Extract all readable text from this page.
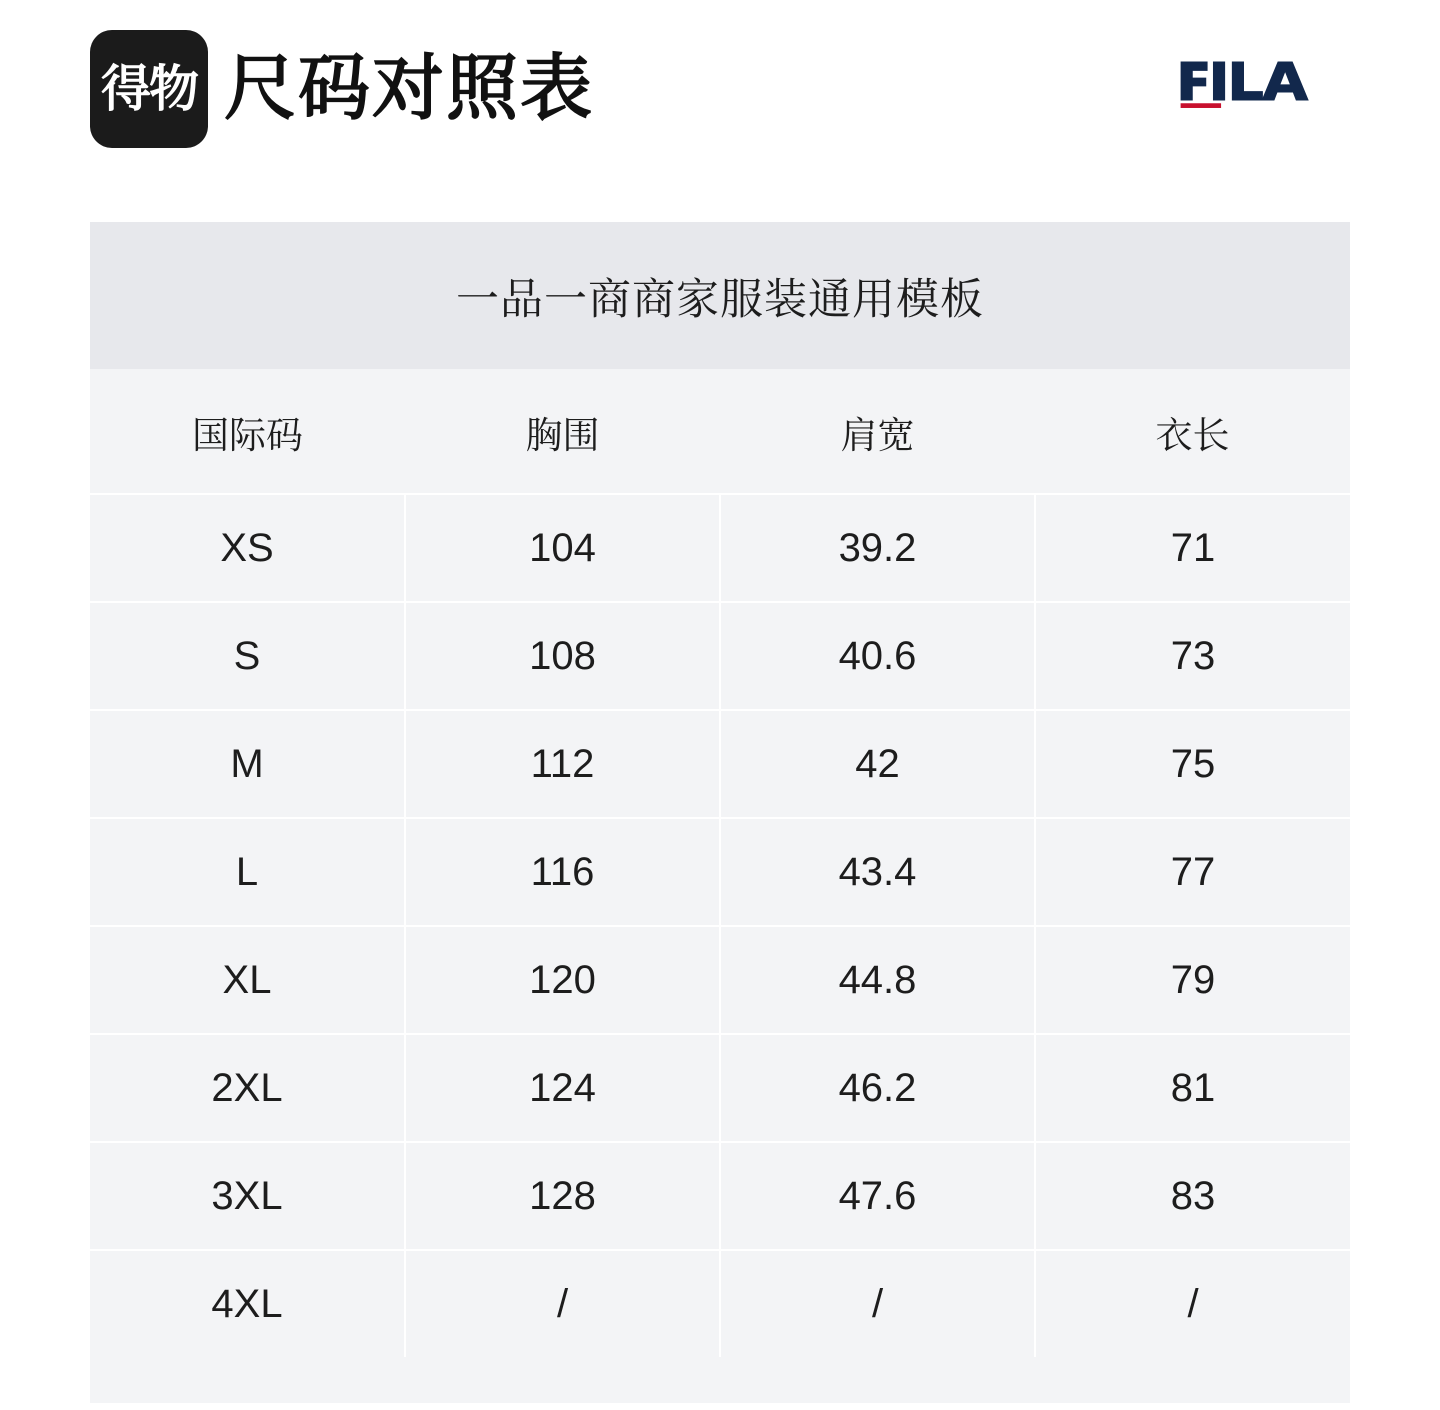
得物 尺码对照表
一品一商商家服装通用模板
国际码	胸围	肩宽	衣长
XS	104	39.2	71
S	108	40.6	73
M	112	42	75
L	116	43.4	77
XL	120	44.8	79
2XL	124	46.2	81
3XL	128	47.6	83
4XL	/	/	/
